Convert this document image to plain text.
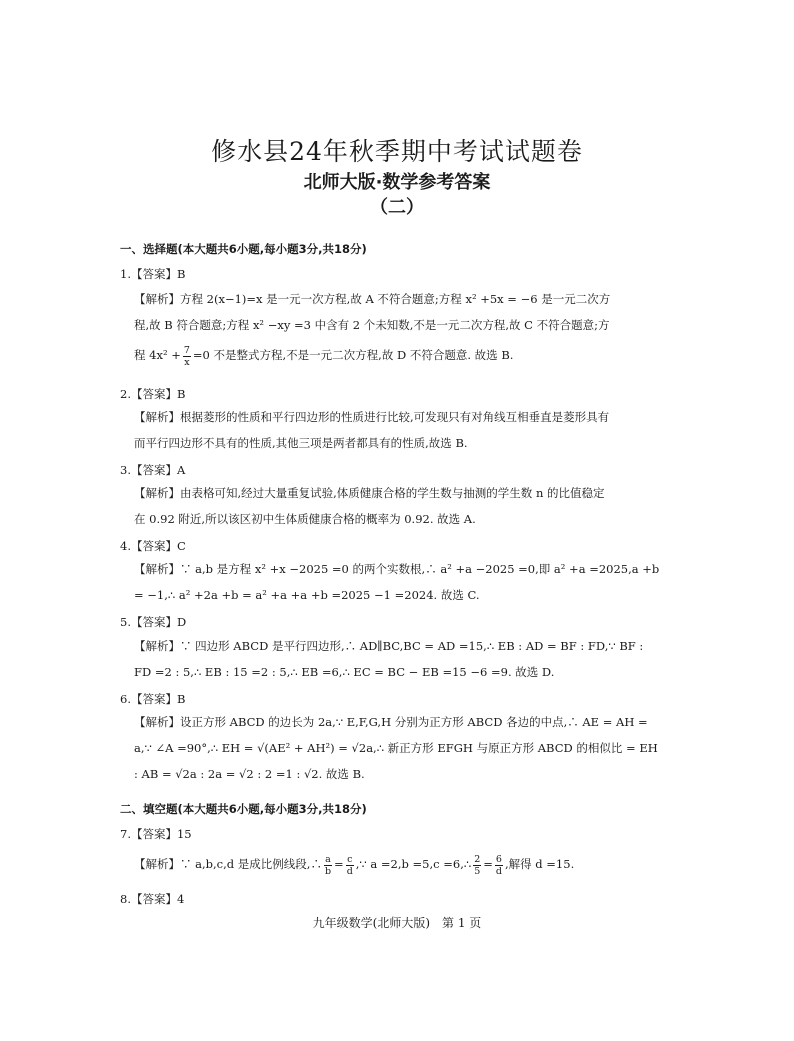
修水县24年秋季期中考试试题卷
北师大版·数学参考答案
（二）
一、选择题(本大题共6小题,每小题3分,共18分)
1.【答案】B
【解析】方程 2(x−1)=x 是一元一次方程,故 A 不符合题意;方程 x² +5x = −6 是一元二次方
程,故 B 符合题意;方程 x² −xy =3 中含有 2 个未知数,不是一元二次方程,故 C 不符合题意;方
程 $4x^2 + \frac{7}{x} =0$ 不是整式方程,不是一元二次方程,故 D 不符合题意. 故选 B.
2.【答案】B
【解析】根据菱形的性质和平行四边形的性质进行比较,可发现只有对角线互相垂直是菱形具有
而平行四边形不具有的性质,其他三项是两者都具有的性质,故选 B.
3.【答案】A
【解析】由表格可知,经过大量重复试验,体质健康合格的学生数与抽测的学生数 n 的比值稳定
在 0.92 附近,所以该区初中生体质健康合格的概率为 0.92. 故选 A.
4.【答案】C
【解析】∵ a,b 是方程 x² +x −2025 =0 的两个实数根,∴ a² +a −2025 =0,即 a² +a =2025,a +b
= −1,∴ a² +2a +b = a² +a +a +b =2025 −1 =2024. 故选 C.
5.【答案】D
【解析】∵ 四边形 ABCD 是平行四边形,∴ AD∥BC,BC = AD =15,∴ EB : AD = BF : FD,∵ BF :
FD =2 : 5,∴ EB : 15 =2 : 5,∴ EB =6,∴ EC = BC − EB =15 −6 =9. 故选 D.
6.【答案】B
【解析】设正方形 ABCD 的边长为 2a,∵ E,F,G,H 分别为正方形 ABCD 各边的中点,∴ AE = AH =
a,∵ ∠A =90°,∴ EH = √(AE² + AH²) = √2a,∴ 新正方形 EFGH 与原正方形 ABCD 的相似比 = EH
: AB = √2a : 2a = √2 : 2 =1 : √2. 故选 B.
二、填空题(本大题共6小题,每小题3分,共18分)
7.【答案】15
【解析】∵ a,b,c,d 是成比例线段,∴ $\frac{a}{b} = \frac{c}{d}$ ,∵ a =2,b =5,c =6,∴ $\frac{2}{5} = \frac{6}{d}$ ,解得 d =15.
8.【答案】4
九年级数学(北师大版)　第 1 页
